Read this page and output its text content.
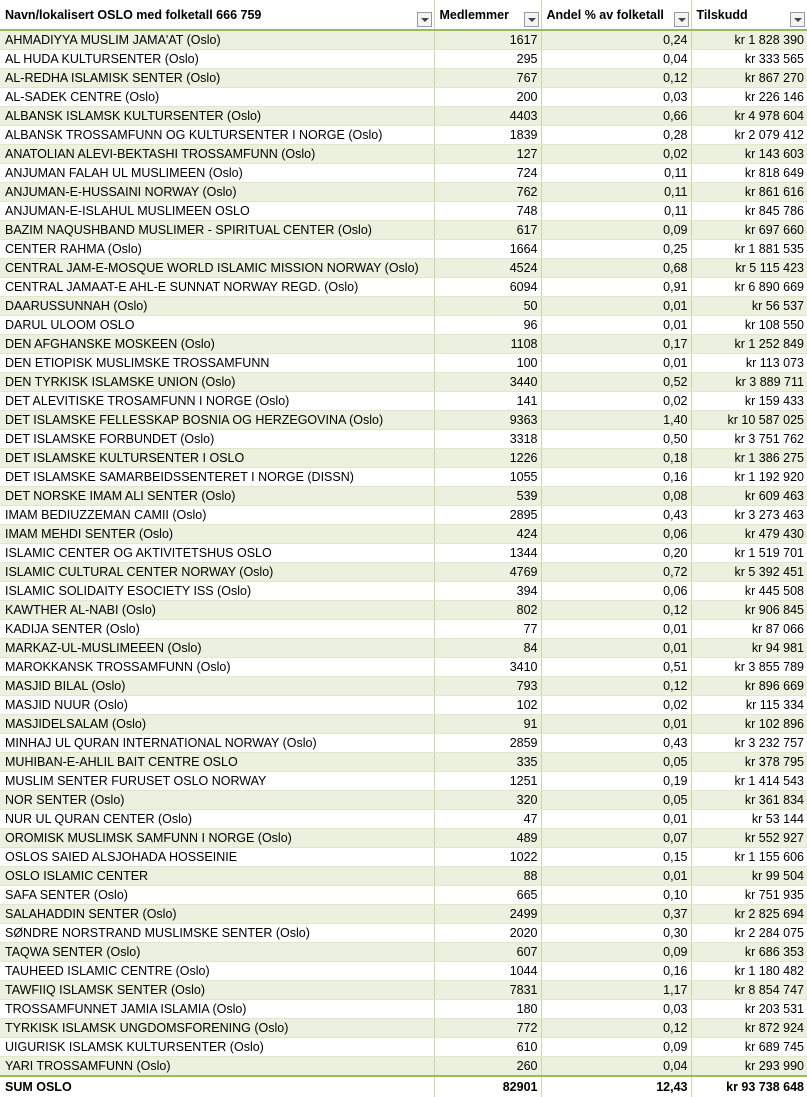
Navn/lokalisert OSLO med folketall 666 759	Medlemmer	Andel % av folketall	Tilskudd

AHMADIYYA MUSLIM JAMA'AT (Oslo)	1617	0,24	kr 1 828 390
AL HUDA KULTURSENTER (Oslo)	295	0,04	kr 333 565
AL-REDHA ISLAMISK SENTER (Oslo)	767	0,12	kr 867 270
AL-SADEK CENTRE (Oslo)	200	0,03	kr 226 146
ALBANSK ISLAMSK KULTURSENTER (Oslo)	4403	0,66	kr 4 978 604
ALBANSK TROSSAMFUNN OG KULTURSENTER I NORGE (Oslo)	1839	0,28	kr 2 079 412
ANATOLIAN ALEVI-BEKTASHI TROSSAMFUNN (Oslo)	127	0,02	kr 143 603
ANJUMAN FALAH UL MUSLIMEEN (Oslo)	724	0,11	kr 818 649
ANJUMAN-E-HUSSAINI NORWAY (Oslo)	762	0,11	kr 861 616
ANJUMAN-E-ISLAHUL MUSLIMEEN OSLO	748	0,11	kr 845 786
BAZIM NAQUSHBAND MUSLIMER - SPIRITUAL CENTER (Oslo)	617	0,09	kr 697 660
CENTER RAHMA (Oslo)	1664	0,25	kr 1 881 535
CENTRAL JAM-E-MOSQUE WORLD ISLAMIC MISSION NORWAY (Oslo)	4524	0,68	kr 5 115 423
CENTRAL JAMAAT-E AHL-E SUNNAT NORWAY REGD. (Oslo)	6094	0,91	kr 6 890 669
DAARUSSUNNAH (Oslo)	50	0,01	kr 56 537
DARUL ULOOM OSLO	96	0,01	kr 108 550
DEN AFGHANSKE MOSKEEN (Oslo)	1108	0,17	kr 1 252 849
DEN ETIOPISK MUSLIMSKE TROSSAMFUNN	100	0,01	kr 113 073
DEN TYRKISK ISLAMSKE UNION (Oslo)	3440	0,52	kr 3 889 711
DET ALEVITISKE TROSAMFUNN I NORGE (Oslo)	141	0,02	kr 159 433
DET ISLAMSKE FELLESSKAP BOSNIA OG HERZEGOVINA (Oslo)	9363	1,40	kr 10 587 025
DET ISLAMSKE FORBUNDET (Oslo)	3318	0,50	kr 3 751 762
DET ISLAMSKE KULTURSENTER I OSLO	1226	0,18	kr 1 386 275
DET ISLAMSKE SAMARBEIDSSENTERET I NORGE (DISSN)	1055	0,16	kr 1 192 920
DET NORSKE IMAM ALI SENTER (Oslo)	539	0,08	kr 609 463
IMAM BEDIUZZEMAN CAMII (Oslo)	2895	0,43	kr 3 273 463
IMAM MEHDI SENTER (Oslo)	424	0,06	kr 479 430
ISLAMIC CENTER OG AKTIVITETSHUS OSLO	1344	0,20	kr 1 519 701
ISLAMIC CULTURAL CENTER NORWAY (Oslo)	4769	0,72	kr 5 392 451
ISLAMIC SOLIDAITY ESOCIETY ISS (Oslo)	394	0,06	kr 445 508
KAWTHER AL-NABI (Oslo)	802	0,12	kr 906 845
KADIJA SENTER (Oslo)	77	0,01	kr 87 066
MARKAZ-UL-MUSLIMEEEN (Oslo)	84	0,01	kr 94 981
MAROKKANSK TROSSAMFUNN (Oslo)	3410	0,51	kr 3 855 789
MASJID BILAL (Oslo)	793	0,12	kr 896 669
MASJID NUUR (Oslo)	102	0,02	kr 115 334
MASJIDELSALAM (Oslo)	91	0,01	kr 102 896
MINHAJ UL QURAN INTERNATIONAL NORWAY (Oslo)	2859	0,43	kr 3 232 757
MUHIBAN-E-AHLIL BAIT CENTRE OSLO	335	0,05	kr 378 795
MUSLIM SENTER FURUSET OSLO NORWAY	1251	0,19	kr 1 414 543
NOR SENTER (Oslo)	320	0,05	kr 361 834
NUR UL QURAN CENTER (Oslo)	47	0,01	kr 53 144
OROMISK MUSLIMSK SAMFUNN I NORGE (Oslo)	489	0,07	kr 552 927
OSLOS SAIED ALSJOHADA HOSSEINIE	1022	0,15	kr 1 155 606
OSLO ISLAMIC CENTER	88	0,01	kr 99 504
SAFA SENTER (Oslo)	665	0,10	kr 751 935
SALAHADDIN SENTER (Oslo)	2499	0,37	kr 2 825 694
SØNDRE NORSTRAND MUSLIMSKE SENTER (Oslo)	2020	0,30	kr 2 284 075
TAQWA SENTER (Oslo)	607	0,09	kr 686 353
TAUHEED ISLAMIC CENTRE (Oslo)	1044	0,16	kr 1 180 482
TAWFIIQ ISLAMSK SENTER (Oslo)	7831	1,17	kr 8 854 747
TROSSAMFUNNET JAMIA ISLAMIA (Oslo)	180	0,03	kr 203 531
TYRKISK ISLAMSK UNGDOMSFORENING (Oslo)	772	0,12	kr 872 924
UIGURISK ISLAMSK KULTURSENTER (Oslo)	610	0,09	kr 689 745
YARI TROSSAMFUNN (Oslo)	260	0,04	kr 293 990
SUM OSLO	82901	12,43	kr 93 738 648
